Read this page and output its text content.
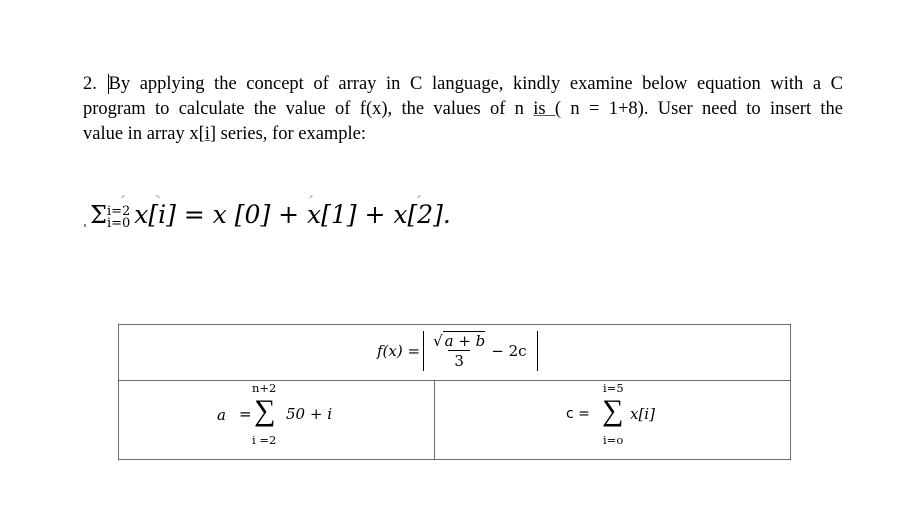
2. By applying the concept of array in C language, kindly examine below equation with a C
program to calculate the value of f(x), the values of n is ( n = 1+8). User need to insert the
value in array x[i] series, for example:
Σ i=2
i=0 x[i] = x [0] + x[1] + x[2].
$f(x) = \frac{√ a + b}{3} - 2c$
a =
n+2
∑
i =2
50 + i	c =
i=5
∑
i=o
x[i]
